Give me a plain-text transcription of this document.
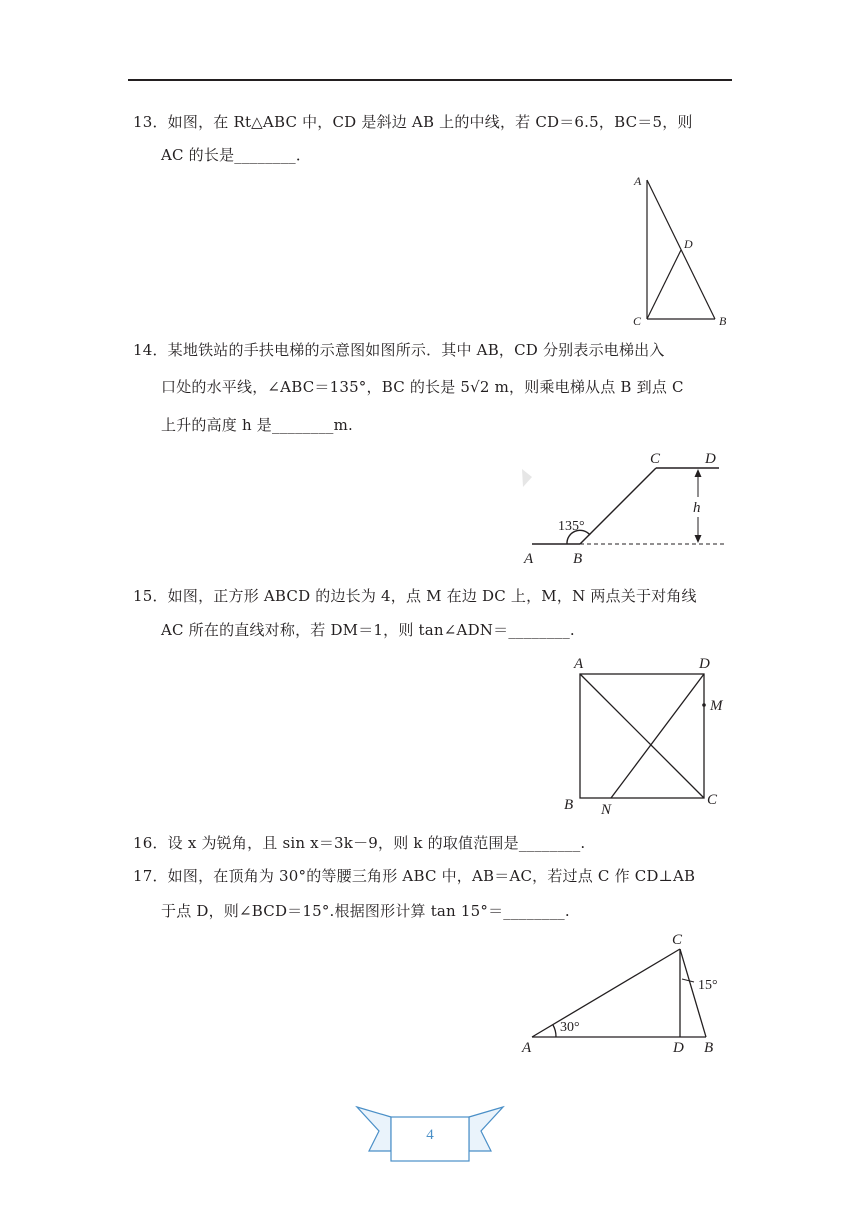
13．如图，在 Rt△ABC 中，CD 是斜边 AB 上的中线，若 CD＝6.5，BC＝5，则
AC 的长是________．
A
D
C	B
14．某地铁站的手扶电梯的示意图如图所示．其中 AB，CD 分别表示电梯出入
口处的水平线，∠ABC＝135°，BC 的长是 5√2 m，则乘电梯从点 B 到点 C
上升的高度 h 是________m.
C	D
h
135°
A	B
15．如图，正方形 ABCD 的边长为 4，点 M 在边 DC 上，M，N 两点关于对角线
AC 所在的直线对称，若 DM＝1，则 tan∠ADN＝________.
A	D
M
B N
C
16．设 x 为锐角，且 sin x＝3k－9，则 k 的取值范围是________.
17．如图，在顶角为 30°的等腰三角形 ABC 中，AB＝AC，若过点 C 作 CD⊥AB
于点 D，则∠BCD＝15°.根据图形计算 tan 15°＝________.
C
15°
30°
A	D B
4
